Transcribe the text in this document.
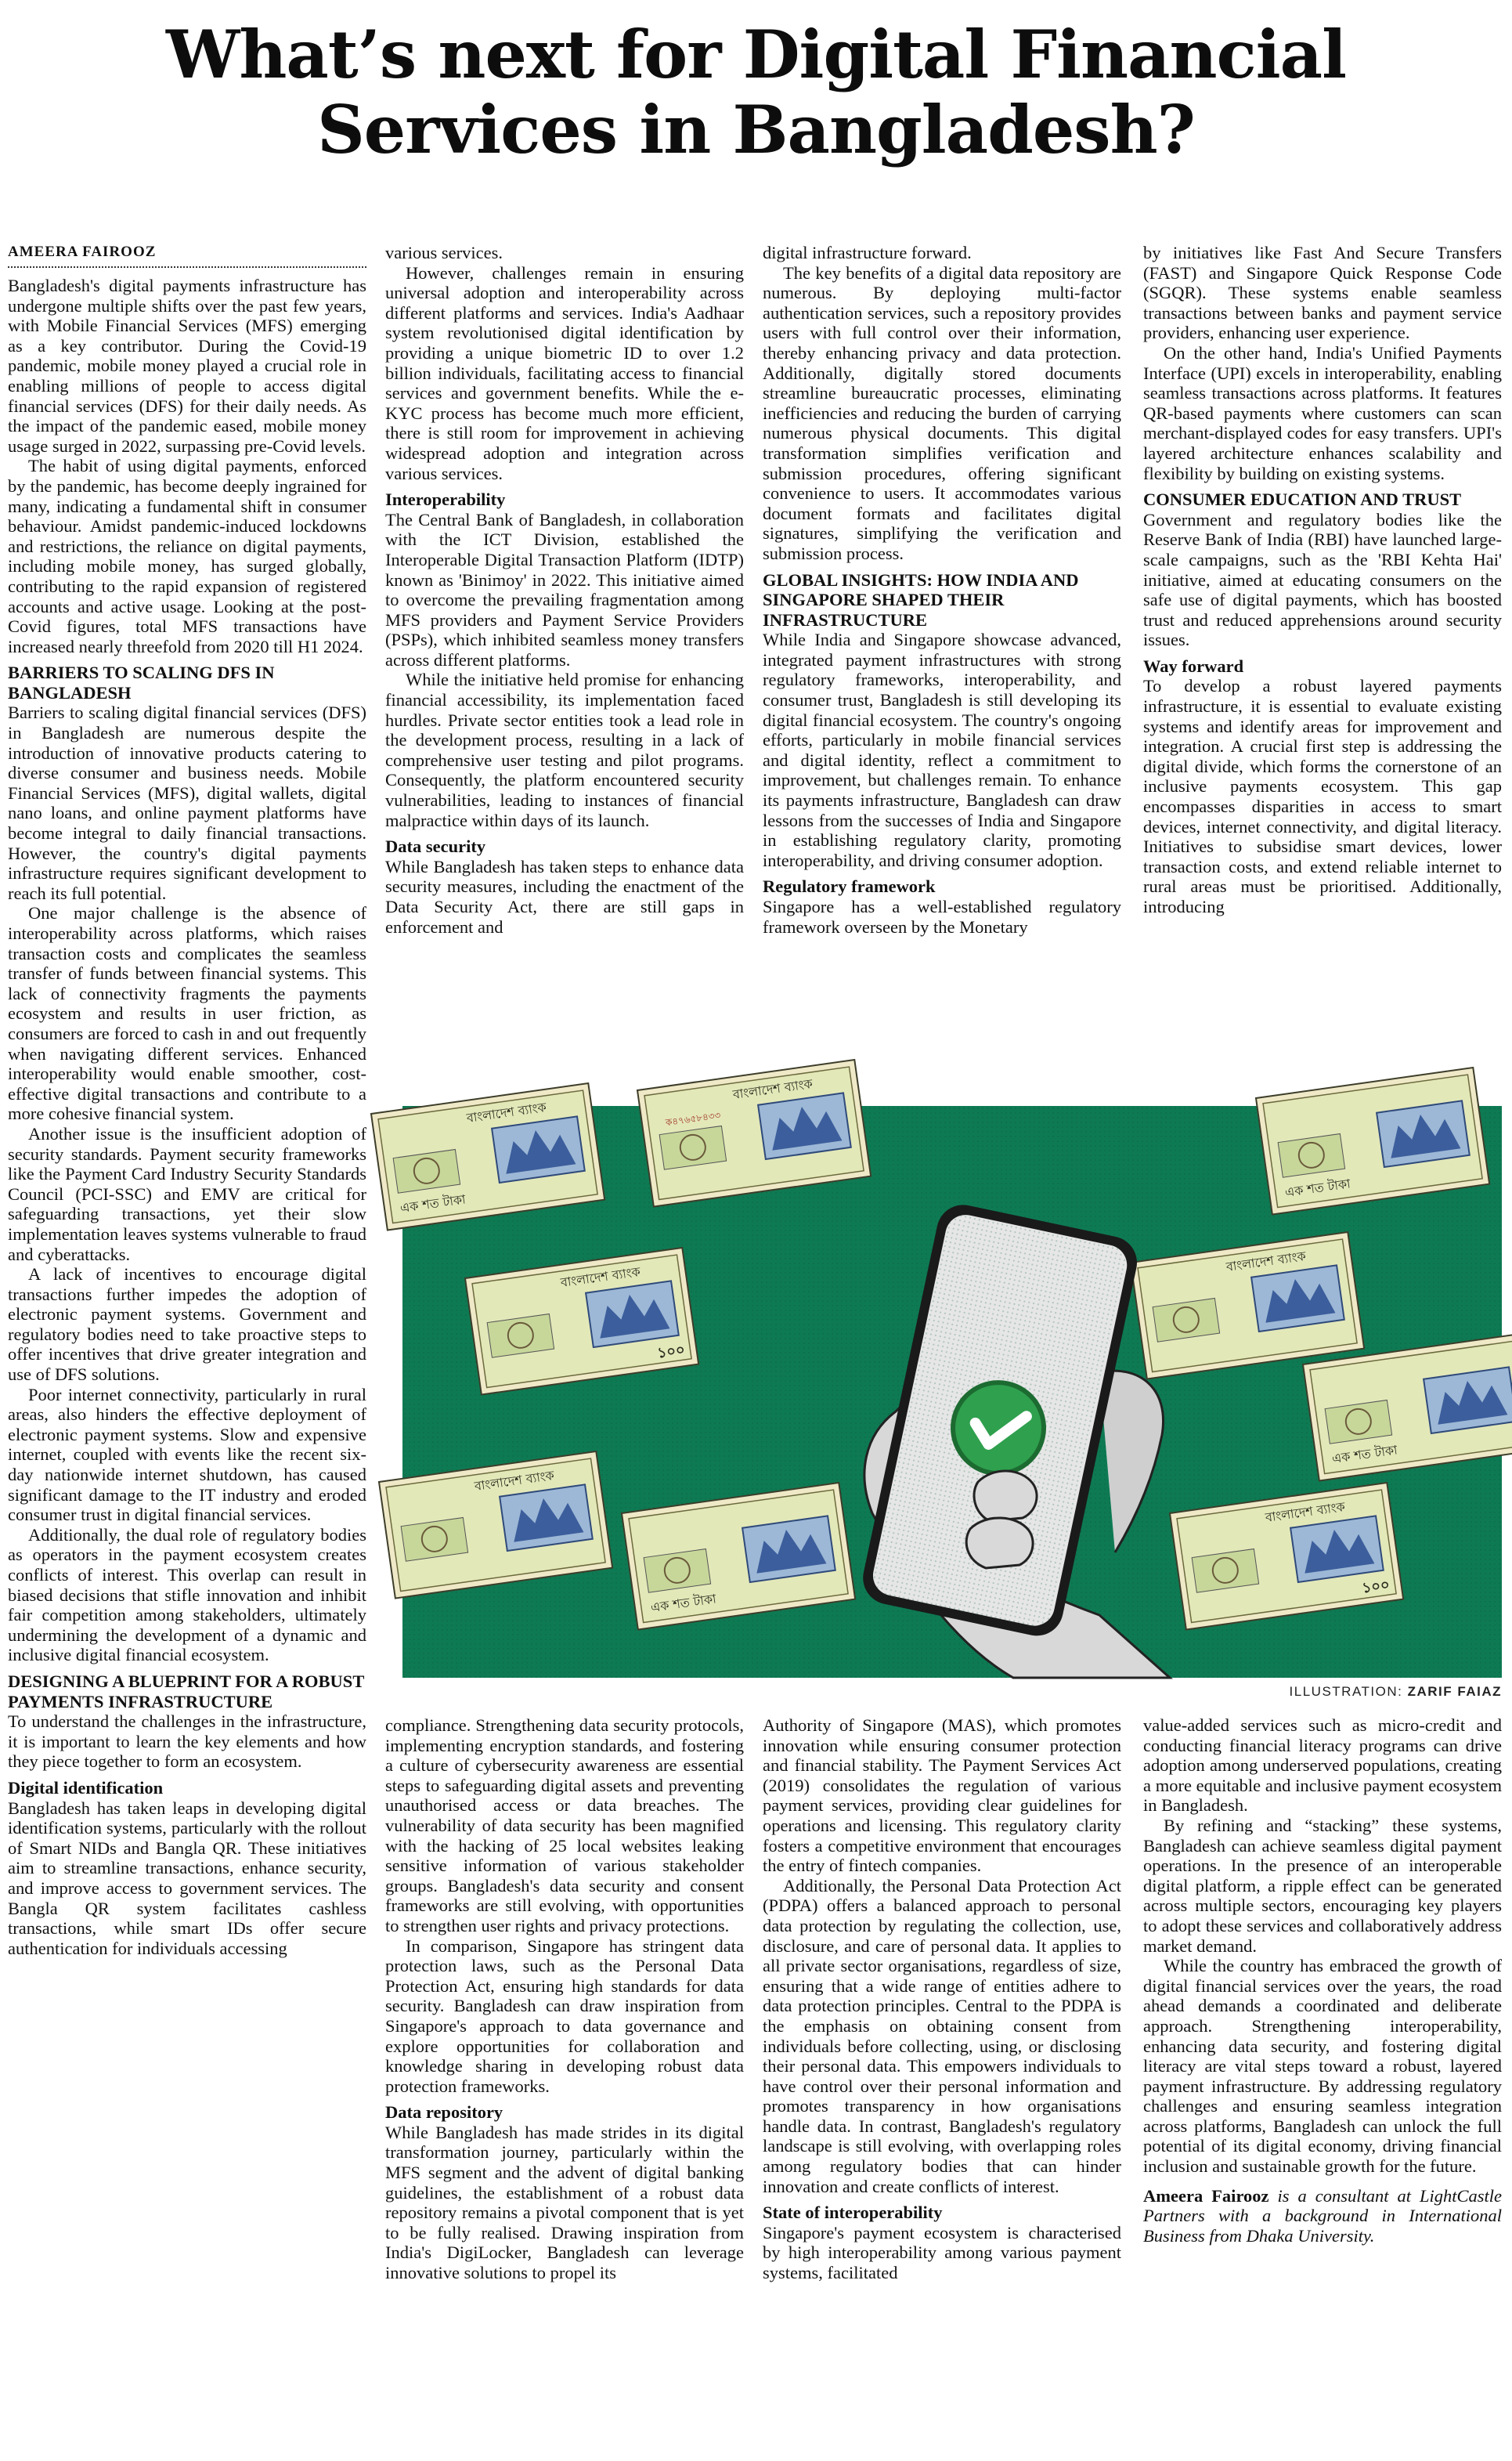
What’s next for Digital Financial Services in Bangladesh?
AMEERA FAIROOZ

Bangladesh's digital payments infrastructure has undergone multiple shifts over the past few years, with Mobile Financial Services (MFS) emerging as a key contributor. During the Covid-19 pandemic, mobile money played a crucial role in enabling millions of people to access digital financial services (DFS) for their daily needs. As the impact of the pandemic eased, mobile money usage surged in 2022, surpassing pre-Covid levels.

The habit of using digital payments, enforced by the pandemic, has become deeply ingrained for many, indicating a fundamental shift in consumer behaviour. Amidst pandemic-induced lockdowns and restrictions, the reliance on digital payments, including mobile money, has surged globally, contributing to the rapid expansion of registered accounts and active usage. Looking at the post-Covid figures, total MFS transactions have increased nearly threefold from 2020 till H1 2024.

BARRIERS TO SCALING DFS IN BANGLADESH

Barriers to scaling digital financial services (DFS) in Bangladesh are numerous despite the introduction of innovative products catering to diverse consumer and business needs. Mobile Financial Services (MFS), digital wallets, digital nano loans, and online payment platforms have become integral to daily financial transactions. However, the country's digital payments infrastructure requires significant development to reach its full potential.

One major challenge is the absence of interoperability across platforms, which raises transaction costs and complicates the seamless transfer of funds between financial systems. This lack of connectivity fragments the payments ecosystem and results in user friction, as consumers are forced to cash in and out frequently when navigating different services. Enhanced interoperability would enable smoother, cost-effective digital transactions and contribute to a more cohesive financial system.

Another issue is the insufficient adoption of security standards. Payment security frameworks like the Payment Card Industry Security Standards Council (PCI-SSC) and EMV are critical for safeguarding transactions, yet their slow implementation leaves systems vulnerable to fraud and cyberattacks.

A lack of incentives to encourage digital transactions further impedes the adoption of electronic payment systems. Government and regulatory bodies need to take proactive steps to offer incentives that drive greater integration and use of DFS solutions.

Poor internet connectivity, particularly in rural areas, also hinders the effective deployment of electronic payment systems. Slow and expensive internet, coupled with events like the recent six-day nationwide internet shutdown, has caused significant damage to the IT industry and eroded consumer trust in digital financial services.

Additionally, the dual role of regulatory bodies as operators in the payment ecosystem creates conflicts of interest. This overlap can result in biased decisions that stifle innovation and inhibit fair competition among stakeholders, ultimately undermining the development of a dynamic and inclusive digital financial ecosystem.

DESIGNING A BLUEPRINT FOR A ROBUST PAYMENTS INFRASTRUCTURE

To understand the challenges in the infrastructure, it is important to learn the key elements and how they piece together to form an ecosystem.

Digital identification

Bangladesh has taken leaps in developing digital identification systems, particularly with the rollout of Smart NIDs and Bangla QR. These initiatives aim to streamline transactions, enhance security, and improve access to government services. The Bangla QR system facilitates cashless transactions, while smart IDs offer secure authentication for individuals accessing

various services.

However, challenges remain in ensuring universal adoption and interoperability across different platforms and services. India's Aadhaar system revolutionised digital identification by providing a unique biometric ID to over 1.2 billion individuals, facilitating access to financial services and government benefits. While the e-KYC process has become much more efficient, there is still room for improvement in achieving widespread adoption and integration across various services.

Interoperability

The Central Bank of Bangladesh, in collaboration with the ICT Division, established the Interoperable Digital Transaction Platform (IDTP) known as 'Binimoy' in 2022. This initiative aimed to overcome the prevailing fragmentation among MFS providers and Payment Service Providers (PSPs), which inhibited seamless money transfers across different platforms.

While the initiative held promise for enhancing financial accessibility, its implementation faced hurdles. Private sector entities took a lead role in the development process, resulting in a lack of comprehensive user testing and pilot programs. Consequently, the platform encountered security vulnerabilities, leading to instances of financial malpractice within days of its launch.

Data security

While Bangladesh has taken steps to enhance data security measures, including the enactment of the Data Security Act, there are still gaps in enforcement and

digital infrastructure forward.

The key benefits of a digital data repository are numerous. By deploying multi-factor authentication services, such a repository provides users with full control over their information, thereby enhancing privacy and data protection. Additionally, digitally stored documents streamline bureaucratic processes, eliminating inefficiencies and reducing the burden of carrying numerous physical documents. This digital transformation simplifies verification and submission procedures, offering significant convenience to users. It accommodates various document formats and facilitates digital signatures, simplifying the verification and submission process.

GLOBAL INSIGHTS: HOW INDIA AND SINGAPORE SHAPED THEIR INFRASTRUCTURE

While India and Singapore showcase advanced, integrated payment infrastructures with strong regulatory frameworks, interoperability, and consumer trust, Bangladesh is still developing its digital financial ecosystem. The country's ongoing efforts, particularly in mobile financial services and digital identity, reflect a commitment to improvement, but challenges remain. To enhance its payments infrastructure, Bangladesh can draw lessons from the successes of India and Singapore in establishing regulatory clarity, promoting interoperability, and driving consumer adoption.

Regulatory framework

Singapore has a well-established regulatory framework overseen by the Monetary

by initiatives like Fast And Secure Transfers (FAST) and Singapore Quick Response Code (SGQR). These systems enable seamless transactions between banks and payment service providers, enhancing user experience.

On the other hand, India's Unified Payments Interface (UPI) excels in interoperability, enabling seamless transactions across platforms. It features QR-based payments where customers can scan merchant-displayed codes for easy transfers. UPI's layered architecture enhances scalability and flexibility by building on existing systems.

CONSUMER EDUCATION AND TRUST

Government and regulatory bodies like the Reserve Bank of India (RBI) have launched large-scale campaigns, such as the 'RBI Kehta Hai' initiative, aimed at educating consumers on the safe use of digital payments, which has boosted trust and reduced apprehensions around security issues.

Way forward

To develop a robust layered payments infrastructure, it is essential to evaluate existing systems and identify areas for improvement and integration. A crucial first step is addressing the digital divide, which forms the cornerstone of an inclusive payments ecosystem. This gap encompasses disparities in access to smart devices, internet connectivity, and digital literacy. Initiatives to subsidise smart devices, lower transaction costs, and extend reliable internet to rural areas must be prioritised. Additionally, introducing

বাংলাদেশ ব্যাংক
এক শত টাকা
বাংলাদেশ ব্যাংক
ক৪৭৬৫৮৪৩৩
এক শত টাকা
বাংলাদেশ ব্যাংক
১০০
বাংলাদেশ ব্যাংক
এক শত টাকা
বাংলাদেশ ব্যাংক
এক শত টাকা
বাংলাদেশ ব্যাংক
১০০
ILLUSTRATION: ZARIF FAIAZ

compliance. Strengthening data security protocols, implementing encryption standards, and fostering a culture of cybersecurity awareness are essential steps to safeguarding digital assets and preventing unauthorised access or data breaches. The vulnerability of data security has been magnified with the hacking of 25 local websites leaking sensitive information of various stakeholder groups. Bangladesh's data security and consent frameworks are still evolving, with opportunities to strengthen user rights and privacy protections.

In comparison, Singapore has stringent data protection laws, such as the Personal Data Protection Act, ensuring high standards for data security. Bangladesh can draw inspiration from Singapore's approach to data governance and explore opportunities for collaboration and knowledge sharing in developing robust data protection frameworks.

Data repository

While Bangladesh has made strides in its digital transformation journey, particularly within the MFS segment and the advent of digital banking guidelines, the establishment of a robust data repository remains a pivotal component that is yet to be fully realised. Drawing inspiration from India's DigiLocker, Bangladesh can leverage innovative solutions to propel its

Authority of Singapore (MAS), which promotes innovation while ensuring consumer protection and financial stability. The Payment Services Act (2019) consolidates the regulation of various payment services, providing clear guidelines for operations and licensing. This regulatory clarity fosters a competitive environment that encourages the entry of fintech companies.

Additionally, the Personal Data Protection Act (PDPA) offers a balanced approach to personal data protection by regulating the collection, use, disclosure, and care of personal data. It applies to all private sector organisations, regardless of size, ensuring that a wide range of entities adhere to data protection principles. Central to the PDPA is the emphasis on obtaining consent from individuals before collecting, using, or disclosing their personal data. This empowers individuals to have control over their personal information and promotes transparency in how organisations handle data. In contrast, Bangladesh's regulatory landscape is still evolving, with overlapping roles among regulatory bodies that can hinder innovation and create conflicts of interest.

State of interoperability

Singapore's payment ecosystem is characterised by high interoperability among various payment systems, facilitated

value-added services such as micro-credit and conducting financial literacy programs can drive adoption among underserved populations, creating a more equitable and inclusive payment ecosystem in Bangladesh.

By refining and “stacking” these systems, Bangladesh can achieve seamless digital payment operations. In the presence of an interoperable digital platform, a ripple effect can be generated across multiple sectors, encouraging key players to adopt these services and collaboratively address market demand.

While the country has embraced the growth of digital financial services over the years, the road ahead demands a coordinated and deliberate approach. Strengthening interoperability, enhancing data security, and fostering digital literacy are vital steps toward a robust, layered payment infrastructure. By addressing regulatory challenges and ensuring seamless integration across platforms, Bangladesh can unlock the full potential of its digital economy, driving financial inclusion and sustainable growth for the future.

Ameera Fairooz is a consultant at LightCastle Partners with a background in International Business from Dhaka University.
